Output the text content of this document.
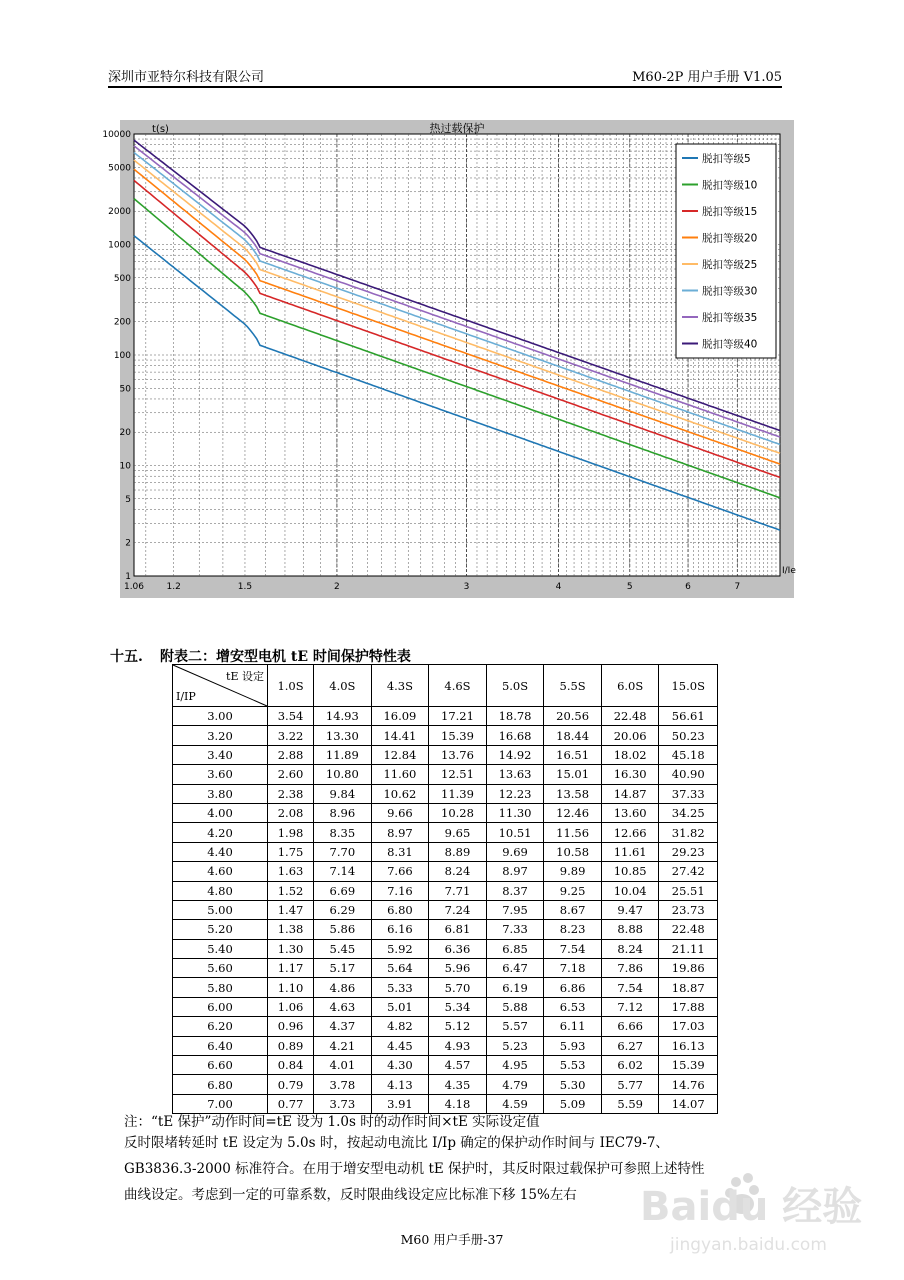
深圳市亚特尔科技有限公司	M60-2P 用户手册 V1.05
10000
5000
2000
1000
500
200
100
50
20
10
5
2
1
1.06 1.2	1.5	2	3	4	5	6	7
t(s)
I/Ie
热过载保护
脱扣等级5
脱扣等级10
脱扣等级15
脱扣等级20
脱扣等级25
脱扣等级30
脱扣等级35
脱扣等级40
十五. 附表二：增安型电机 tE 时间保护特性表
tE 设定
I/IP	1.0S	4.0S	4.3S	4.6S	5.0S	5.5S	6.0S	15.0S
3.00	3.54	14.93	16.09	17.21	18.78	20.56	22.48	56.61
3.20	3.22	13.30	14.41	15.39	16.68	18.44	20.06	50.23
3.40	2.88	11.89	12.84	13.76	14.92	16.51	18.02	45.18
3.60	2.60	10.80	11.60	12.51	13.63	15.01	16.30	40.90
3.80	2.38	9.84	10.62	11.39	12.23	13.58	14.87	37.33
4.00	2.08	8.96	9.66	10.28	11.30	12.46	13.60	34.25
4.20	1.98	8.35	8.97	9.65	10.51	11.56	12.66	31.82
4.40	1.75	7.70	8.31	8.89	9.69	10.58	11.61	29.23
4.60	1.63	7.14	7.66	8.24	8.97	9.89	10.85	27.42
4.80	1.52	6.69	7.16	7.71	8.37	9.25	10.04	25.51
5.00	1.47	6.29	6.80	7.24	7.95	8.67	9.47	23.73
5.20	1.38	5.86	6.16	6.81	7.33	8.23	8.88	22.48
5.40	1.30	5.45	5.92	6.36	6.85	7.54	8.24	21.11
5.60	1.17	5.17	5.64	5.96	6.47	7.18	7.86	19.86
5.80	1.10	4.86	5.33	5.70	6.19	6.86	7.54	18.87
6.00	1.06	4.63	5.01	5.34	5.88	6.53	7.12	17.88
6.20	0.96	4.37	4.82	5.12	5.57	6.11	6.66	17.03
6.40	0.89	4.21	4.45	4.93	5.23	5.93	6.27	16.13
6.60	0.84	4.01	4.30	4.57	4.95	5.53	6.02	15.39
6.80	0.79	3.78	4.13	4.35	4.79	5.30	5.77	14.76
7.00	0.77	3.73	3.91	4.18	4.59	5.09	5.59	14.07
注：“tE 保护”动作时间=tE 设为 1.0s 时的动作时间×tE 实际设定值
反时限堵转延时 tE 设定为 5.0s 时，按起动电流比 I/Ip 确定的保护动作时间与 IEC79-7、
GB3836.3-2000 标准符合。在用于增安型电动机 tE 保护时，其反时限过载保护可参照上述特性
曲线设定。考虑到一定的可靠系数，反时限曲线设定应比标准下移 15%左右
M60 用户手册-37
Baidu 经验
jingyan.baidu.com
